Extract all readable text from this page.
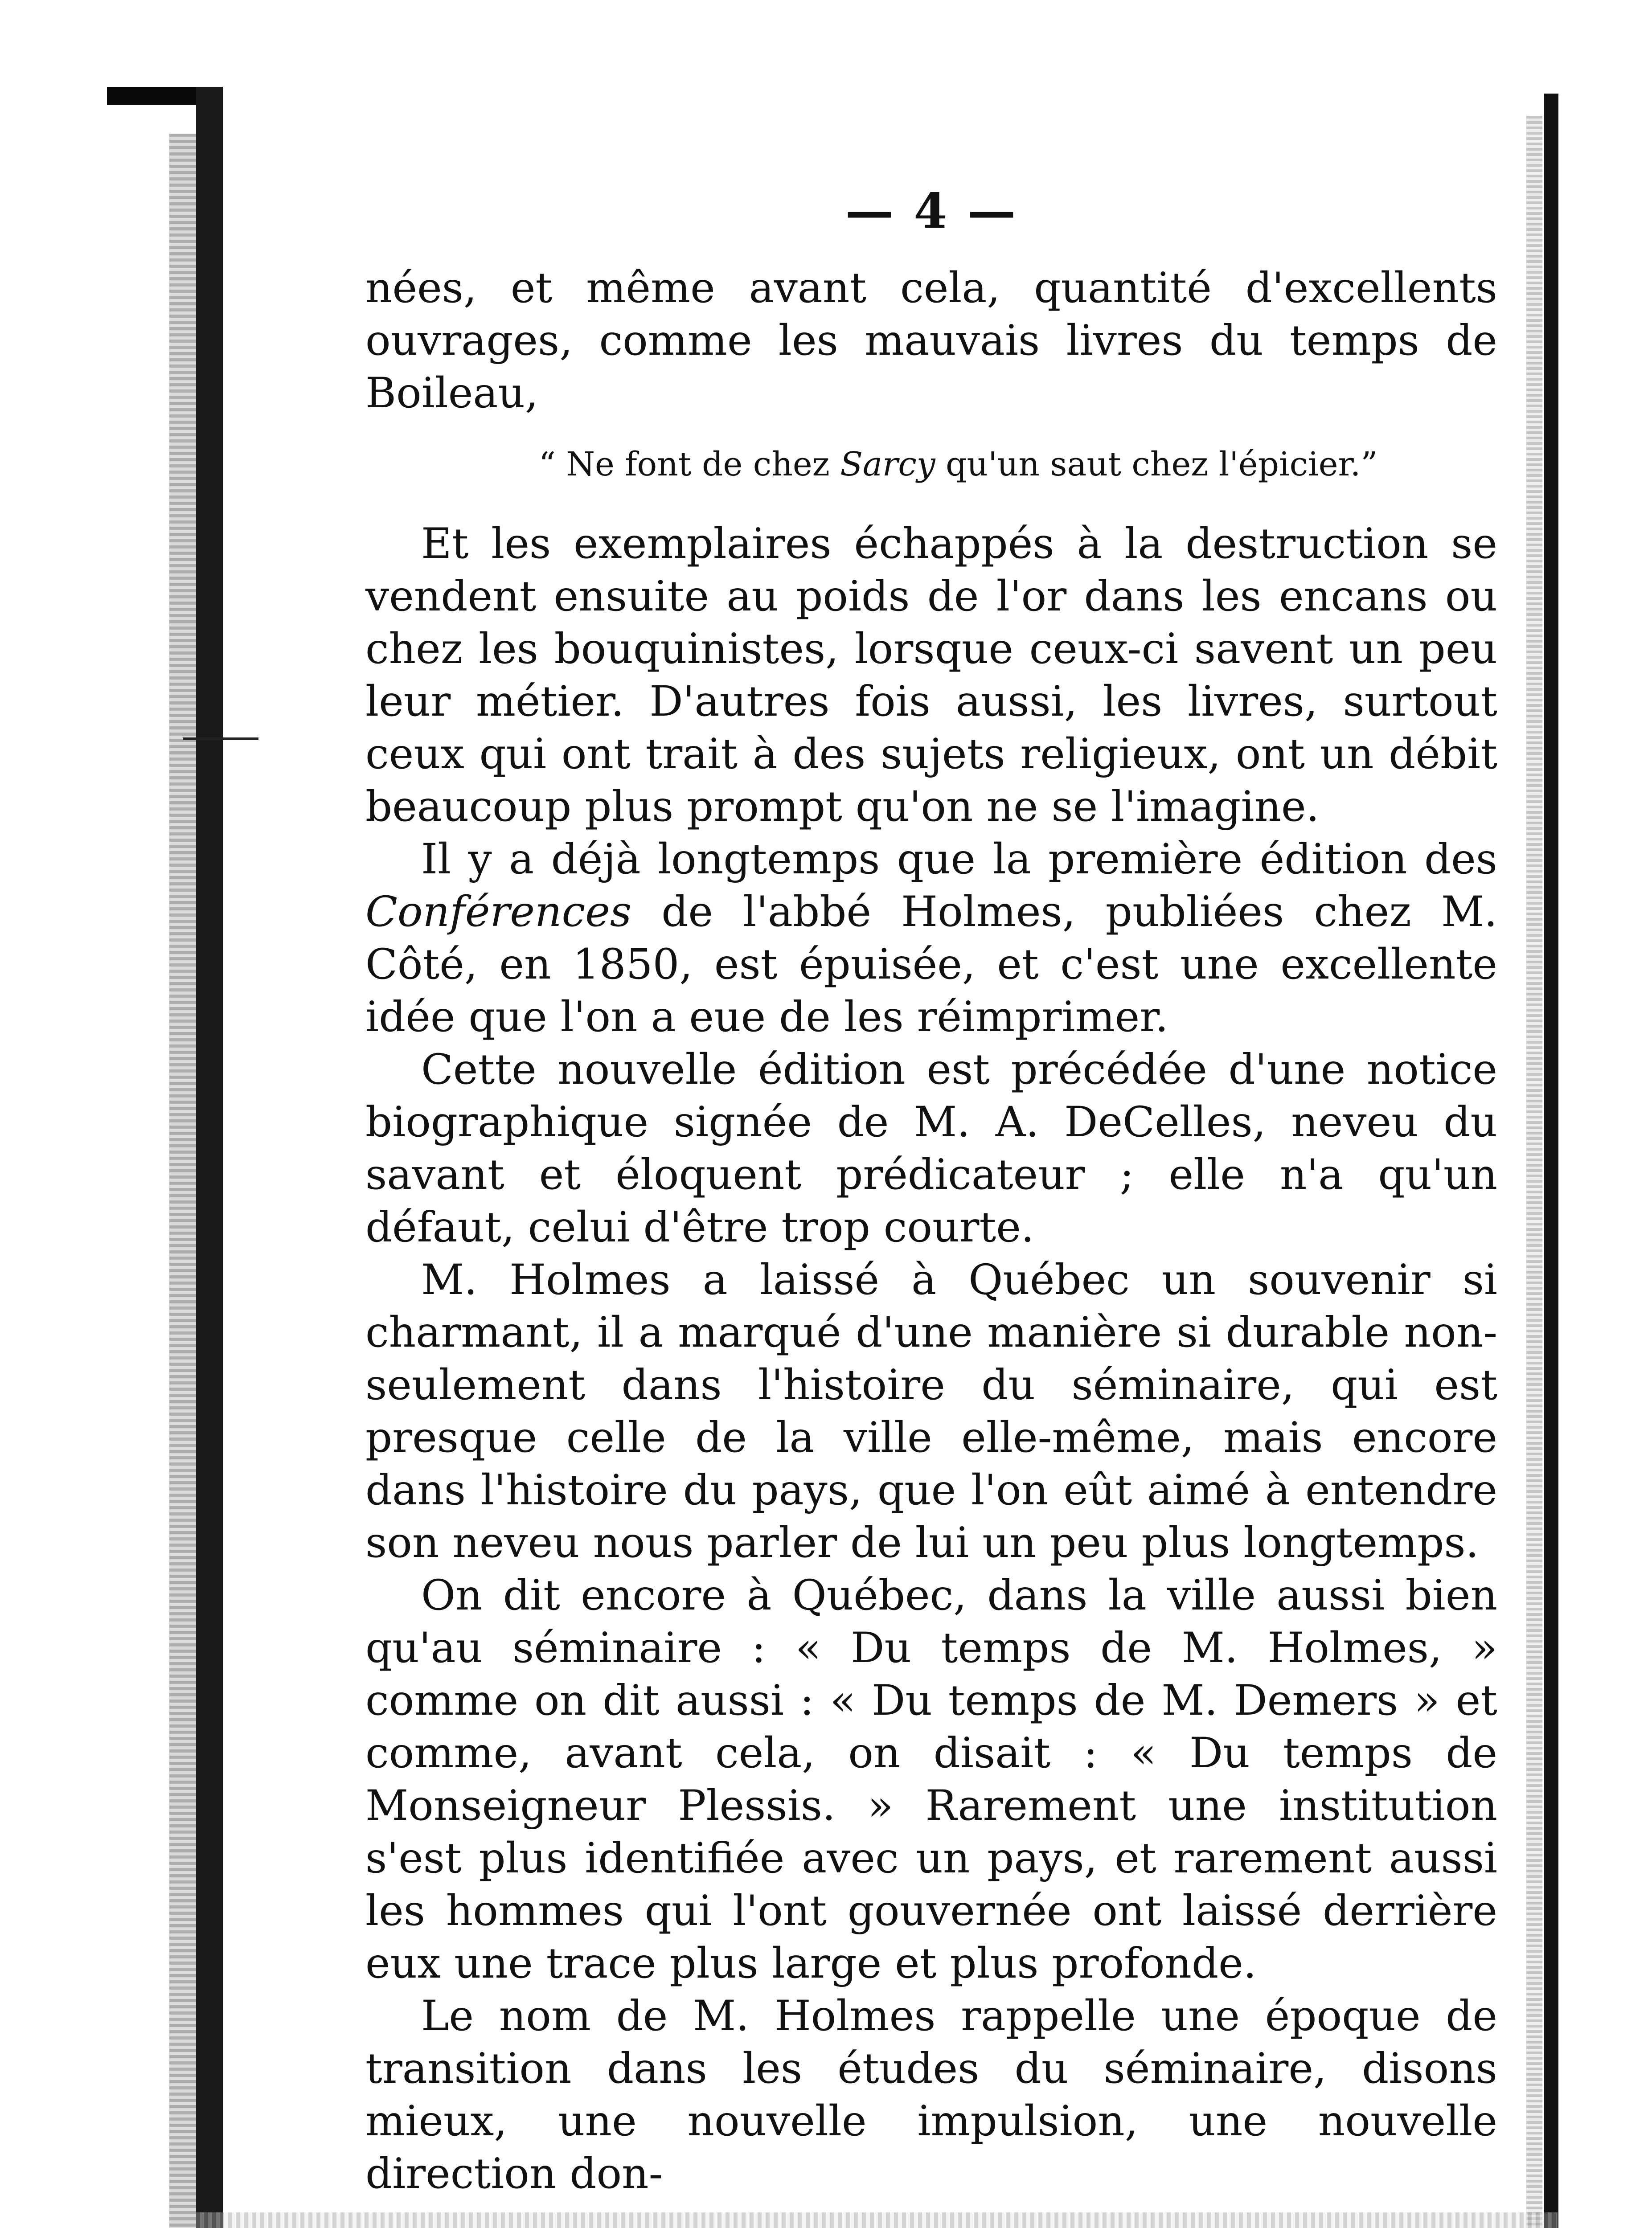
— 4 —

nées, et même avant cela, quantité d'excellents ouvrages, comme les mauvais livres du temps de Boileau,

“ Ne font de chez Sarcy qu'un saut chez l'épicier.”

Et les exemplaires échappés à la destruction se vendent ensuite au poids de l'or dans les encans ou chez les bouquinistes, lorsque ceux-ci savent un peu leur métier. D'autres fois aussi, les livres, surtout ceux qui ont trait à des sujets religieux, ont un débit beaucoup plus prompt qu'on ne se l'imagine.

Il y a déjà longtemps que la première édition des Conférences de l'abbé Holmes, publiées chez M. Côté, en 1850, est épuisée, et c'est une excellente idée que l'on a eue de les réimprimer.

Cette nouvelle édition est précédée d'une notice biographique signée de M. A. DeCelles, neveu du savant et éloquent prédicateur ; elle n'a qu'un défaut, celui d'être trop courte.

M. Holmes a laissé à Québec un souvenir si charmant, il a marqué d'une manière si durable non-seulement dans l'histoire du séminaire, qui est presque celle de la ville elle-même, mais encore dans l'histoire du pays, que l'on eût aimé à entendre son neveu nous parler de lui un peu plus longtemps.

On dit encore à Québec, dans la ville aussi bien qu'au séminaire : « Du temps de M. Holmes, » comme on dit aussi : « Du temps de M. Demers » et comme, avant cela, on disait : « Du temps de Monseigneur Plessis. » Rarement une institution s'est plus identifiée avec un pays, et rarement aussi les hommes qui l'ont gouvernée ont laissé derrière eux une trace plus large et plus profonde.

Le nom de M. Holmes rappelle une époque de transition dans les études du séminaire, disons mieux, une nouvelle impulsion, une nouvelle direction don-
